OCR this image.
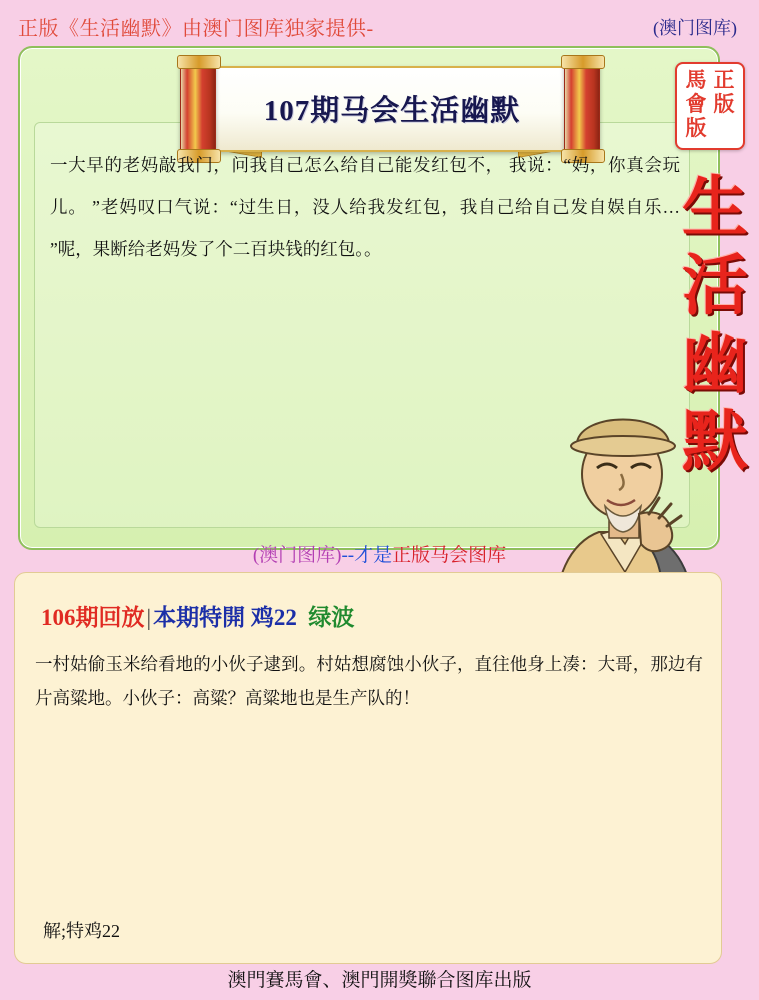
正版《生活幽默》由澳门图库独家提供-	(澳门图库)
107期马会生活幽默
一大早的老妈敲我门，问我自己怎么给自己能发红包不， 我说：“妈，你真会玩儿。 ”老妈叹口气说：“过生日，没人给我发红包，我自己给自己发自娱自乐… ”呢，果断给老妈发了个二百块钱的红包。。
(澳门图库)--才是正版马会图库
正版
馬會版
生
活
幽
默
106期回放|本期特開 鸡22 绿波
一村姑偷玉米给看地的小伙子逮到。村姑想腐蚀小伙子，直往他身上凑：大哥，那边有片高粱地。小伙子：高粱？高粱地也是生产队的！
解;特鸡22
澳門賽馬會、澳門開獎聯合图库出版
